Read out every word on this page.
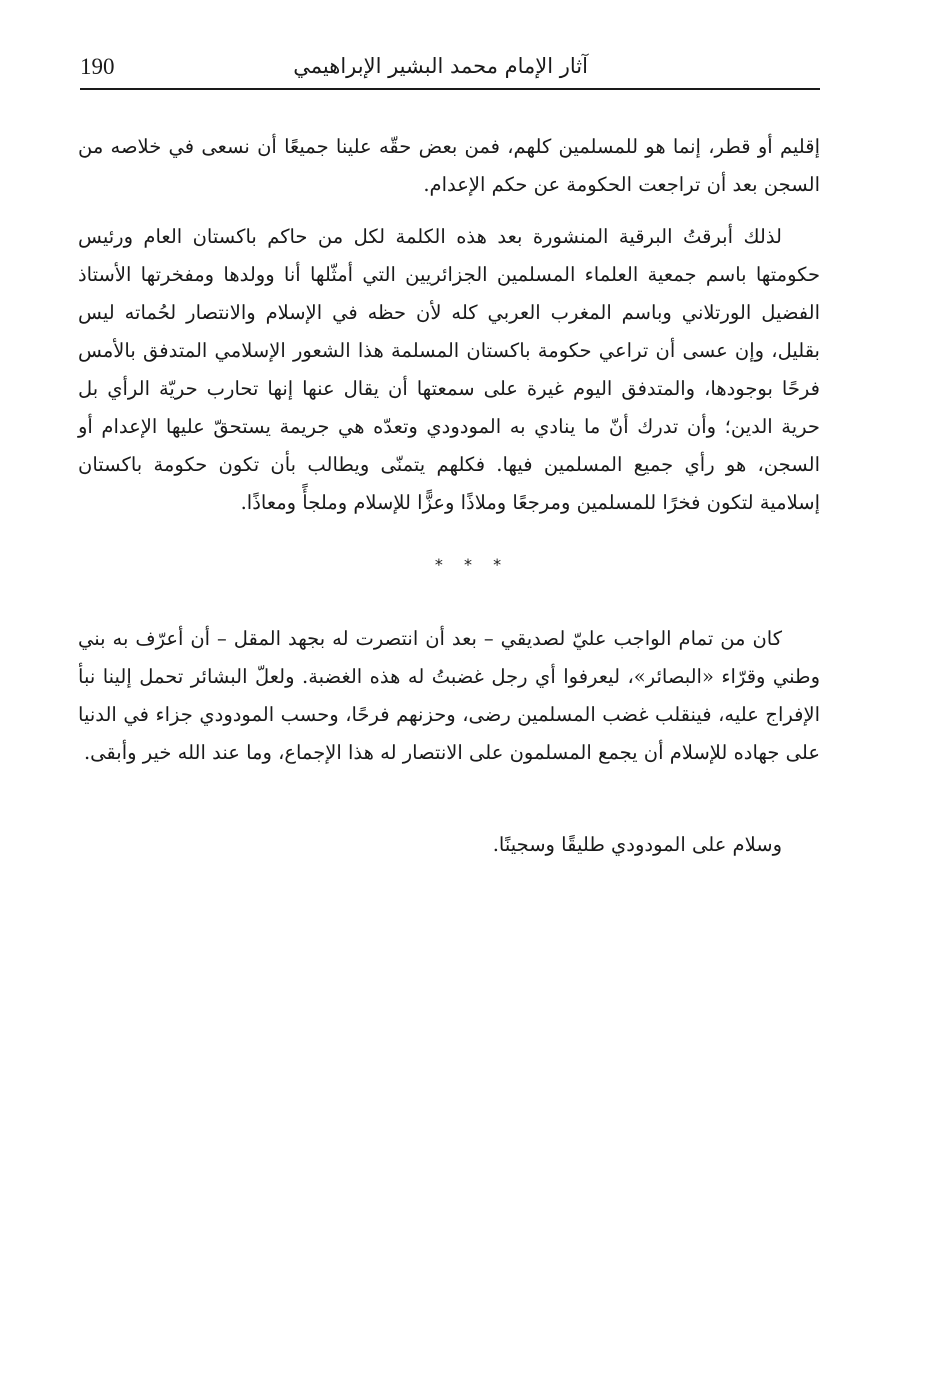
190	آثار الإمام محمد البشير الإبراهيمي

إقليم أو قطر، إنما هو للمسلمين كلهم، فمن بعض حقّه علينا جميعًا أن نسعى في خلاصه من السجن بعد أن تراجعت الحكومة عن حكم الإعدام.

لذلك أبرقتُ البرقية المنشورة بعد هذه الكلمة لكل من حاكم باكستان العام ورئيس حكومتها باسم جمعية العلماء المسلمين الجزائريين التي أمثّلها أنا وولدها ومفخرتها الأستاذ الفضيل الورتلاني وباسم المغرب العربي كله لأن حظه في الإسلام والانتصار لحُماته ليس بقليل، وإن عسى أن تراعي حكومة باكستان المسلمة هذا الشعور الإسلامي المتدفق بالأمس فرحًا بوجودها، والمتدفق اليوم غيرة على سمعتها أن يقال عنها إنها تحارب حريّة الرأي بل حرية الدين؛ وأن تدرك أنّ ما ينادي به المودودي وتعدّه هي جريمة يستحقّ عليها الإعدام أو السجن، هو رأي جميع المسلمين فيها. فكلهم يتمنّى ويطالب بأن تكون حكومة باكستان إسلامية لتكون فخرًا للمسلمين ومرجعًا وملاذًا وعزًّا للإسلام وملجأً ومعاذًا.

* * *

كان من تمام الواجب عليّ لصديقي – بعد أن انتصرت له بجهد المقل – أن أعرّف به بني وطني وقرّاء «البصائر»، ليعرفوا أي رجل غضبتُ له هذه الغضبة. ولعلّ البشائر تحمل إلينا نبأ الإفراج عليه، فينقلب غضب المسلمين رضى، وحزنهم فرحًا، وحسب المودودي جزاء في الدنيا على جهاده للإسلام أن يجمع المسلمون على الانتصار له هذا الإجماع، وما عند الله خير وأبقى.

وسلام على المودودي طليقًا وسجينًا.
